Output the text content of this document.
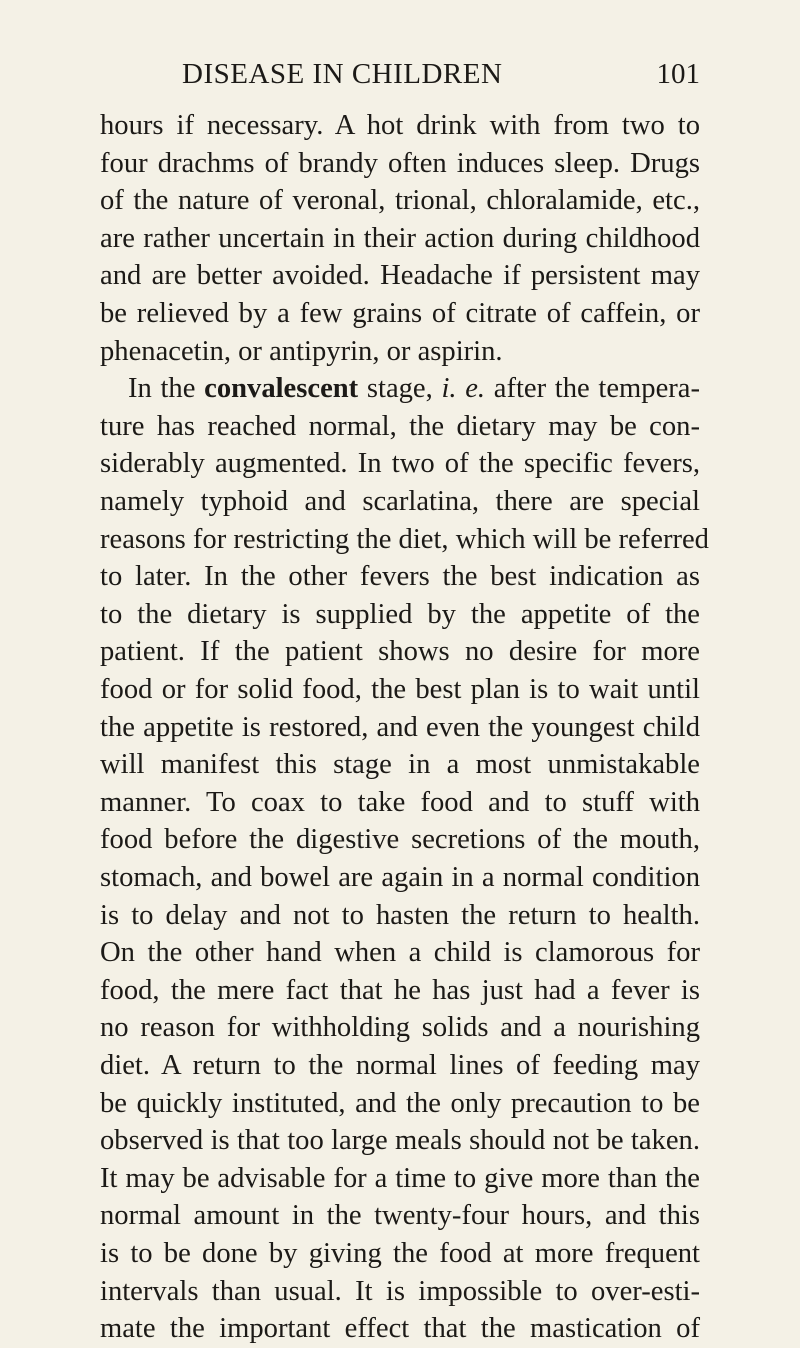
DISEASE IN CHILDREN	101
hours if necessary. A hot drink with from two to
four drachms of brandy often induces sleep. Drugs
of the nature of veronal, trional, chloralamide, etc.,
are rather uncertain in their action during childhood
and are better avoided. Headache if persistent may
be relieved by a few grains of citrate of caffein, or
phenacetin, or antipyrin, or aspirin.
In the convalescent stage, i. e. after the tempera-
ture has reached normal, the dietary may be con-
siderably augmented. In two of the specific fevers,
namely typhoid and scarlatina, there are special
reasons for restricting the diet, which will be referred
to later. In the other fevers the best indication as
to the dietary is supplied by the appetite of the
patient. If the patient shows no desire for more
food or for solid food, the best plan is to wait until
the appetite is restored, and even the youngest child
will manifest this stage in a most unmistakable
manner. To coax to take food and to stuff with
food before the digestive secretions of the mouth,
stomach, and bowel are again in a normal condition
is to delay and not to hasten the return to health.
On the other hand when a child is clamorous for
food, the mere fact that he has just had a fever is
no reason for withholding solids and a nourishing
diet. A return to the normal lines of feeding may
be quickly instituted, and the only precaution to be
observed is that too large meals should not be taken.
It may be advisable for a time to give more than the
normal amount in the twenty-four hours, and this
is to be done by giving the food at more frequent
intervals than usual. It is impossible to over-esti-
mate the important effect that the mastication of
